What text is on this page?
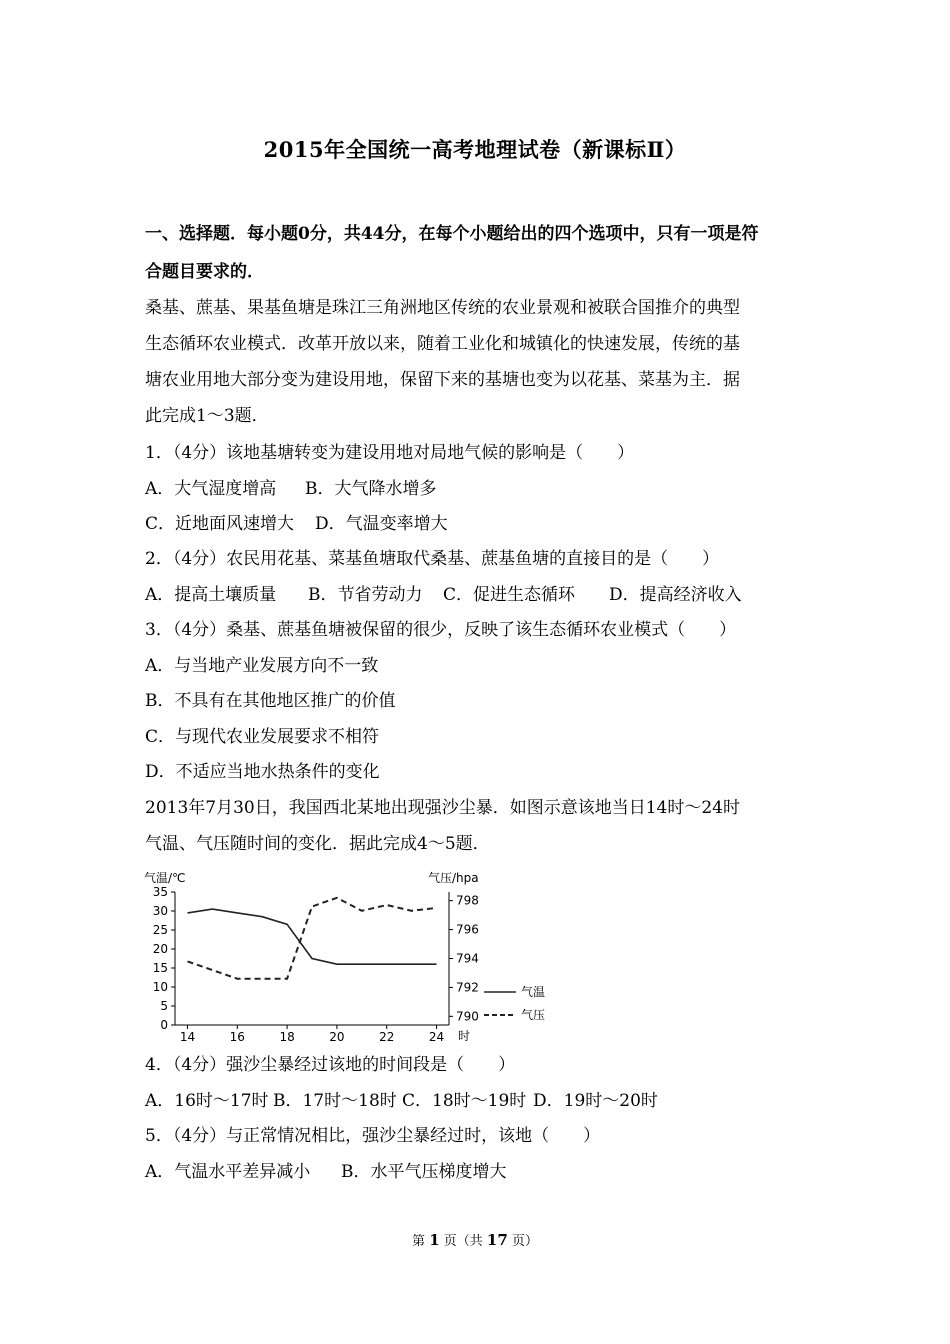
2015年全国统一高考地理试卷（新课标Ⅱ）
一、选择题．每小题0分，共44分，在每个小题给出的四个选项中，只有一项是符
合题目要求的．
桑基、蔗基、果基鱼塘是珠江三角洲地区传统的农业景观和被联合国推介的典型
生态循环农业模式．改革开放以来，随着工业化和城镇化的快速发展，传统的基
塘农业用地大部分变为建设用地，保留下来的基塘也变为以花基、菜基为主．据
此完成1～3题．
1．（4分）该地基塘转变为建设用地对局地气候的影响是（　　）
A．大气湿度增高 B．大气降水增多
C．近地面风速增大 D．气温变率增大
2．（4分）农民用花基、菜基鱼塘取代桑基、蔗基鱼塘的直接目的是（　　）
A．提高土壤质量 B．节省劳动力 C．促进生态循环 D．提高经济收入
3．（4分）桑基、蔗基鱼塘被保留的很少，反映了该生态循环农业模式（　　）
A．与当地产业发展方向不一致
B．不具有在其他地区推广的价值
C．与现代农业发展要求不相符
D．不适应当地水热条件的变化
2013年7月30日，我国西北某地出现强沙尘暴．如图示意该地当日14时～24时
气温、气压随时间的变化．据此完成4～5题．
0
5
10
15
20
25
30
35
790
792
794
796
798
14	16	18	20	22	24
气温/℃	气压/hpa
时
气温
气压
4．（4分）强沙尘暴经过该地的时间段是（　　）
A．16时～17时 B．17时～18时 C．18时～19时 D．19时～20时
5．（4分）与正常情况相比，强沙尘暴经过时，该地（　　）
A．气温水平差异减小 B．水平气压梯度增大
第 1 页（共 17 页）
